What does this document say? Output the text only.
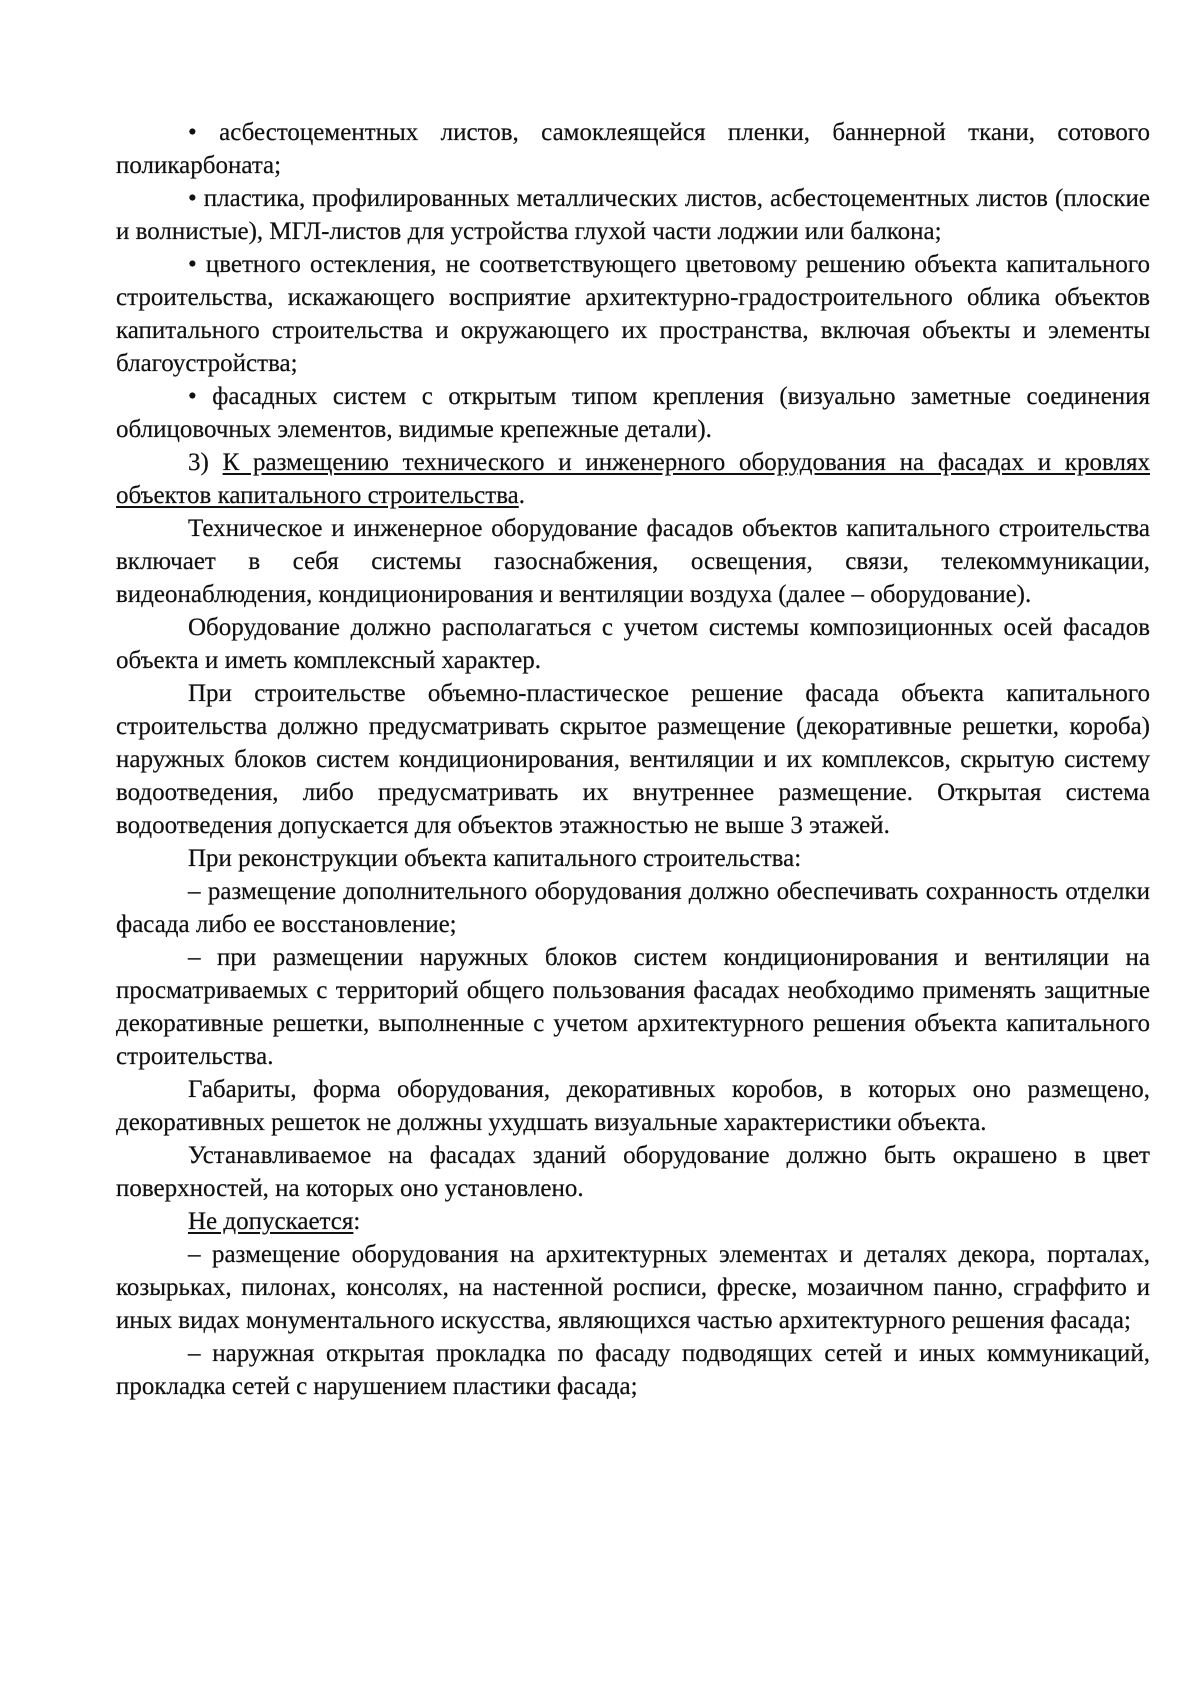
• асбестоцементных листов, самоклеящейся пленки, баннерной ткани, сотового поликарбоната;

• пластика, профилированных металлических листов, асбестоцементных листов (плоские и волнистые), МГЛ-листов для устройства глухой части лоджии или балкона;

• цветного остекления, не соответствующего цветовому решению объекта капитального строительства, искажающего восприятие архитектурно-градостроительного облика объектов капитального строительства и окружающего их пространства, включая объекты и элементы благоустройства;

• фасадных систем с открытым типом крепления (визуально заметные соединения облицовочных элементов, видимые крепежные детали).

3) К размещению технического и инженерного оборудования на фасадах и кровлях объектов капитального строительства.

Техническое и инженерное оборудование фасадов объектов капитального строительства включает в себя системы газоснабжения, освещения, связи, телекоммуникации, видеонаблюдения, кондиционирования и вентиляции воздуха (далее – оборудование).

Оборудование должно располагаться с учетом системы композиционных осей фасадов объекта и иметь комплексный характер.

При строительстве объемно-пластическое решение фасада объекта капитального строительства должно предусматривать скрытое размещение (декоративные решетки, короба) наружных блоков систем кондиционирования, вентиляции и их комплексов, скрытую систему водоотведения, либо предусматривать их внутреннее размещение. Открытая система водоотведения допускается для объектов этажностью не выше 3 этажей.

При реконструкции объекта капитального строительства:

– размещение дополнительного оборудования должно обеспечивать сохранность отделки фасада либо ее восстановление;

– при размещении наружных блоков систем кондиционирования и вентиляции на просматриваемых с территорий общего пользования фасадах необходимо применять защитные декоративные решетки, выполненные с учетом архитектурного решения объекта капитального строительства.

Габариты, форма оборудования, декоративных коробов, в которых оно размещено, декоративных решеток не должны ухудшать визуальные характеристики объекта.

Устанавливаемое на фасадах зданий оборудование должно быть окрашено в цвет поверхностей, на которых оно установлено.

Не допускается:

– размещение оборудования на архитектурных элементах и деталях декора, порталах, козырьках, пилонах, консолях, на настенной росписи, фреске, мозаичном панно, сграффито и иных видах монументального искусства, являющихся частью архитектурного решения фасада;

– наружная открытая прокладка по фасаду подводящих сетей и иных коммуникаций, прокладка сетей с нарушением пластики фасада;
